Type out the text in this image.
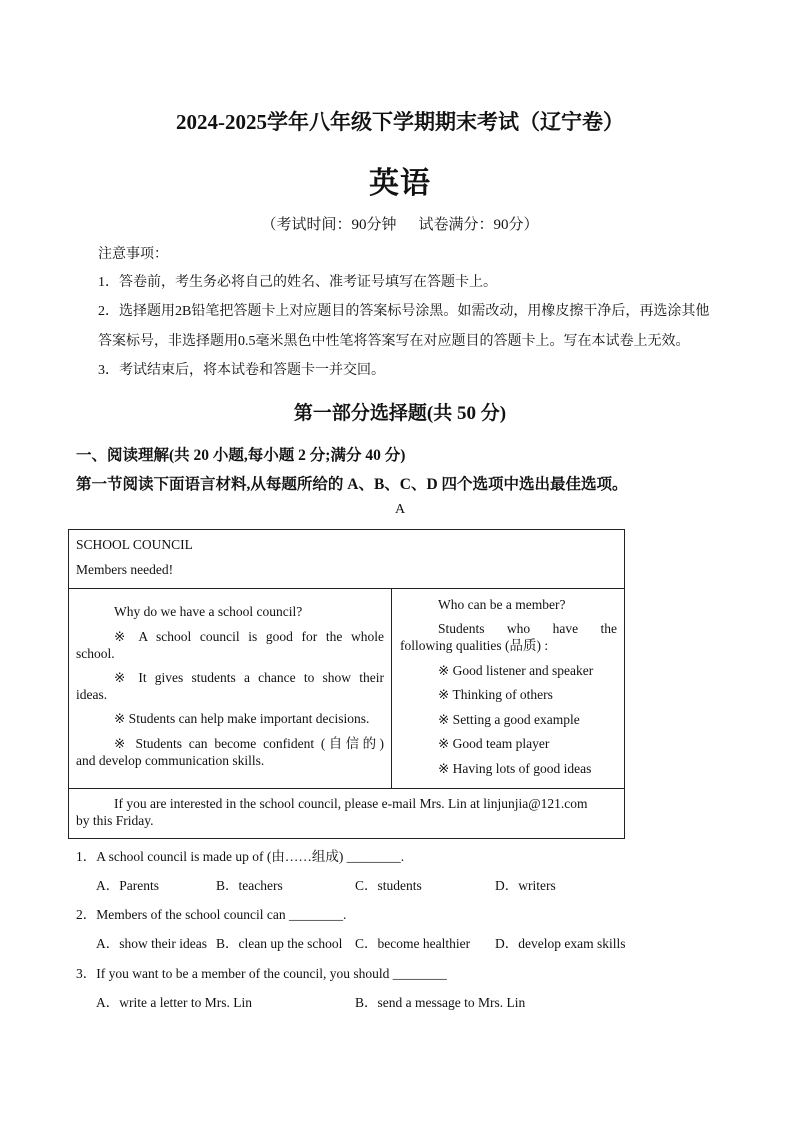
2024-2025学年八年级下学期期末考试（辽宁卷）
英语
（考试时间：90分钟 试卷满分：90分）
注意事项：
1．答卷前，考生务必将自己的姓名、准考证号填写在答题卡上。
2．选择题用2B铅笔把答题卡上对应题目的答案标号涂黑。如需改动，用橡皮擦干净后，再选涂其他
答案标号，非选择题用0.5毫米黑色中性笔将答案写在对应题目的答题卡上。写在本试卷上无效。
3．考试结束后，将本试卷和答题卡一并交回。
第一部分选择题(共 50 分)
一、阅读理解(共 20 小题,每小题 2 分;满分 40 分)
第一节阅读下面语言材料,从每题所给的 A、B、C、D 四个选项中选出最佳选项。
A
SCHOOL COUNCIL
Members needed!
Why do we have a school council?
※ A school council is good for the whole
school.
※ It gives students a chance to show their
ideas.
※ Students can help make important decisions.
※ Students can become confident (自信的)
and develop communication skills.
Who can be a member?
Students who have the
following qualities (品质) :
※ Good listener and speaker
※ Thinking of others
※ Setting a good example
※ Good team player
※ Having lots of good ideas
If you are interested in the school council, please e-mail Mrs. Lin at linjunjia@121.com
by this Friday.
1．A school council is made up of (由……组成) ________.
A．Parents	B．teachers	C．students	D．writers
2．Members of the school council can ________.
A．show their ideas B．clean up the school C．become healthier D．develop exam skills
3．If you want to be a member of the council, you should ________
A．write a letter to Mrs. Lin	B．send a message to Mrs. Lin
